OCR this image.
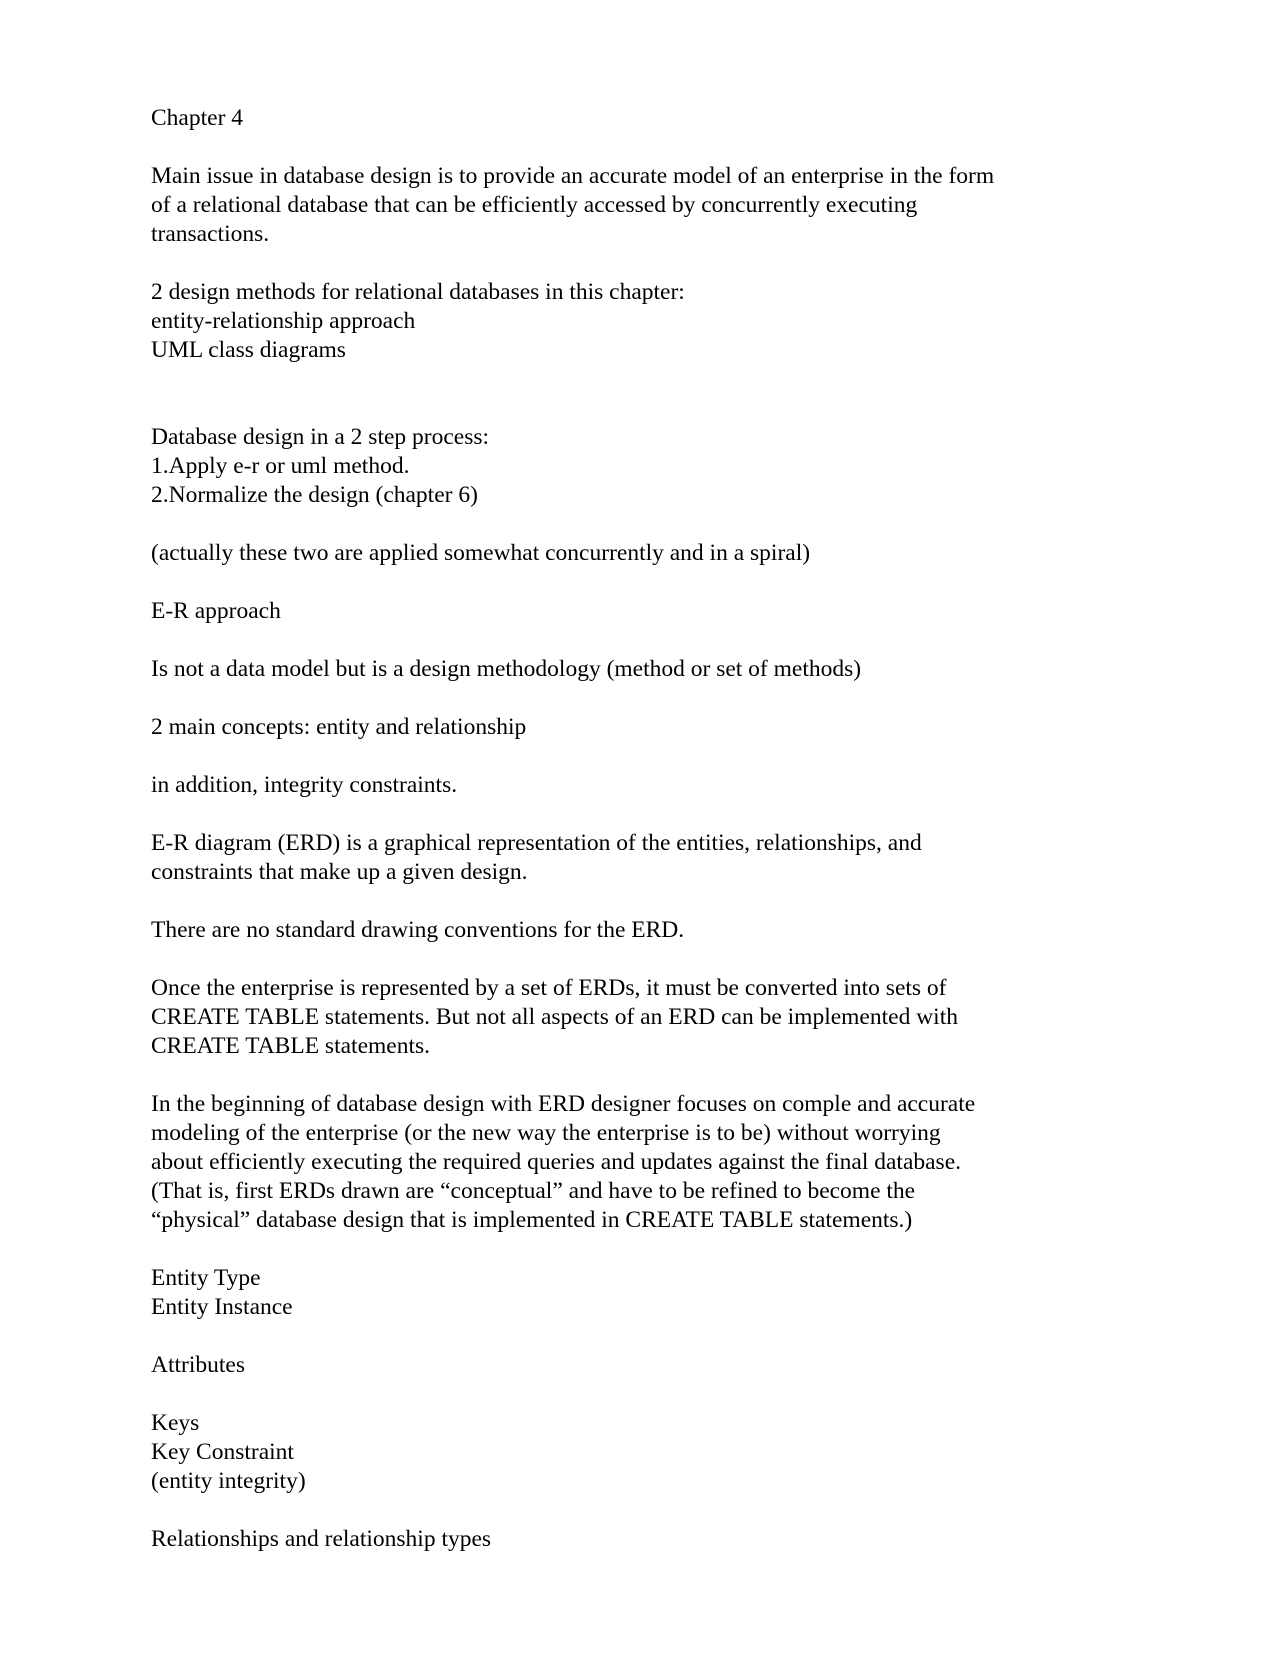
Chapter 4

Main issue in database design is to provide an accurate model of an enterprise in the form
of a relational database that can be efficiently accessed by concurrently executing
transactions.

2 design methods for relational databases in this chapter:
entity-relationship approach
UML class diagrams

Database design in a 2 step process:
1.Apply e-r or uml method.
2.Normalize the design (chapter 6)

(actually these two are applied somewhat concurrently and in a spiral)

E-R approach

Is not a data model but is a design methodology (method or set of methods)

2 main concepts: entity and relationship

in addition, integrity constraints.

E-R diagram (ERD) is a graphical representation of the entities, relationships, and
constraints that make up a given design.

There are no standard drawing conventions for the ERD.

Once the enterprise is represented by a set of ERDs, it must be converted into sets of
CREATE TABLE statements. But not all aspects of an ERD can be implemented with
CREATE TABLE statements.

In the beginning of database design with ERD designer focuses on comple and accurate
modeling of the enterprise (or the new way the enterprise is to be) without worrying
about efficiently executing the required queries and updates against the final database.
(That is, first ERDs drawn are “conceptual” and have to be refined to become the
“physical” database design that is implemented in CREATE TABLE statements.)

Entity Type
Entity Instance

Attributes

Keys
Key Constraint
(entity integrity)

Relationships and relationship types
